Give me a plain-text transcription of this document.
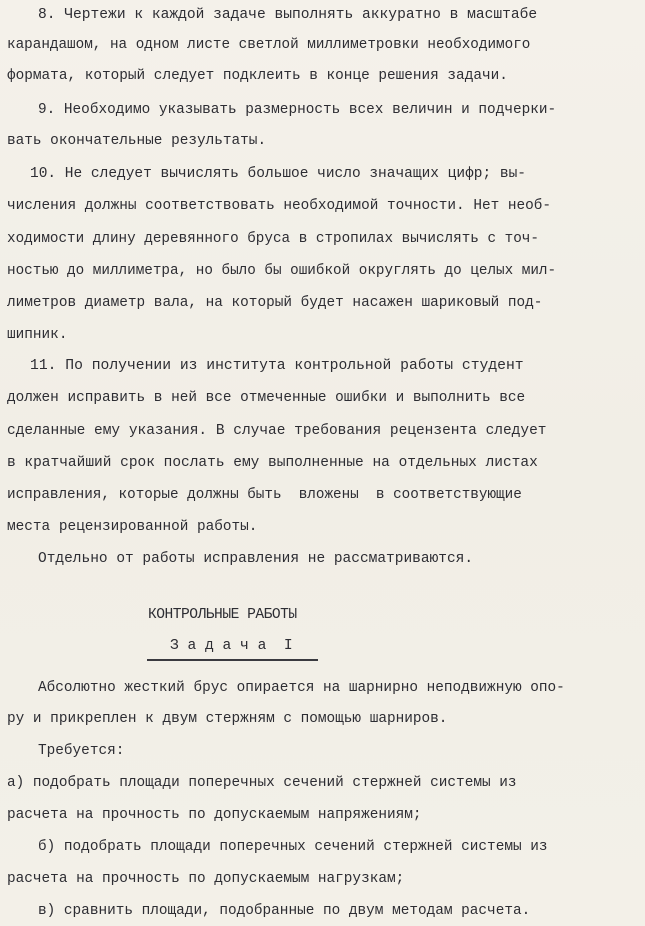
8. Чертежи к каждой задаче выполнять аккуратно в масштабе
карандашом, на одном листе светлой миллиметровки необходимого
формата, который следует подклеить в конце решения задачи.
9. Необходимо указывать размерность всех величин и подчерки-
вать окончательные результаты.
10. Не следует вычислять большое число значащих цифр; вы-
числения должны соответствовать необходимой точности. Нет необ-
ходимости длину деревянного бруса в стропилах вычислять с точ-
ностью до миллиметра, но было бы ошибкой округлять до целых мил-
лиметров диаметр вала, на который будет насажен шариковый под-
шипник.
11. По получении из института контрольной работы студент
должен исправить в ней все отмеченные ошибки и выполнить все
сделанные ему указания. В случае требования рецензента следует
в кратчайший срок послать ему выполненные на отдельных листах
исправления, которые должны быть  вложены  в соответствующие
места рецензированной работы.
Отдельно от работы исправления не рассматриваются.
КОНТРОЛЬНЫЕ РАБОТЫ
З а д а ч а  I
Абсолютно жесткий брус опирается на шарнирно неподвижную опо-
ру и прикреплен к двум стержням с помощью шарниров.
Требуется:
а) подобрать площади поперечных сечений стержней системы из
расчета на прочность по допускаемым напряжениям;
б) подобрать площади поперечных сечений стержней системы из
расчета на прочность по допускаемым нагрузкам;
в) сравнить площади, подобранные по двум методам расчета.
